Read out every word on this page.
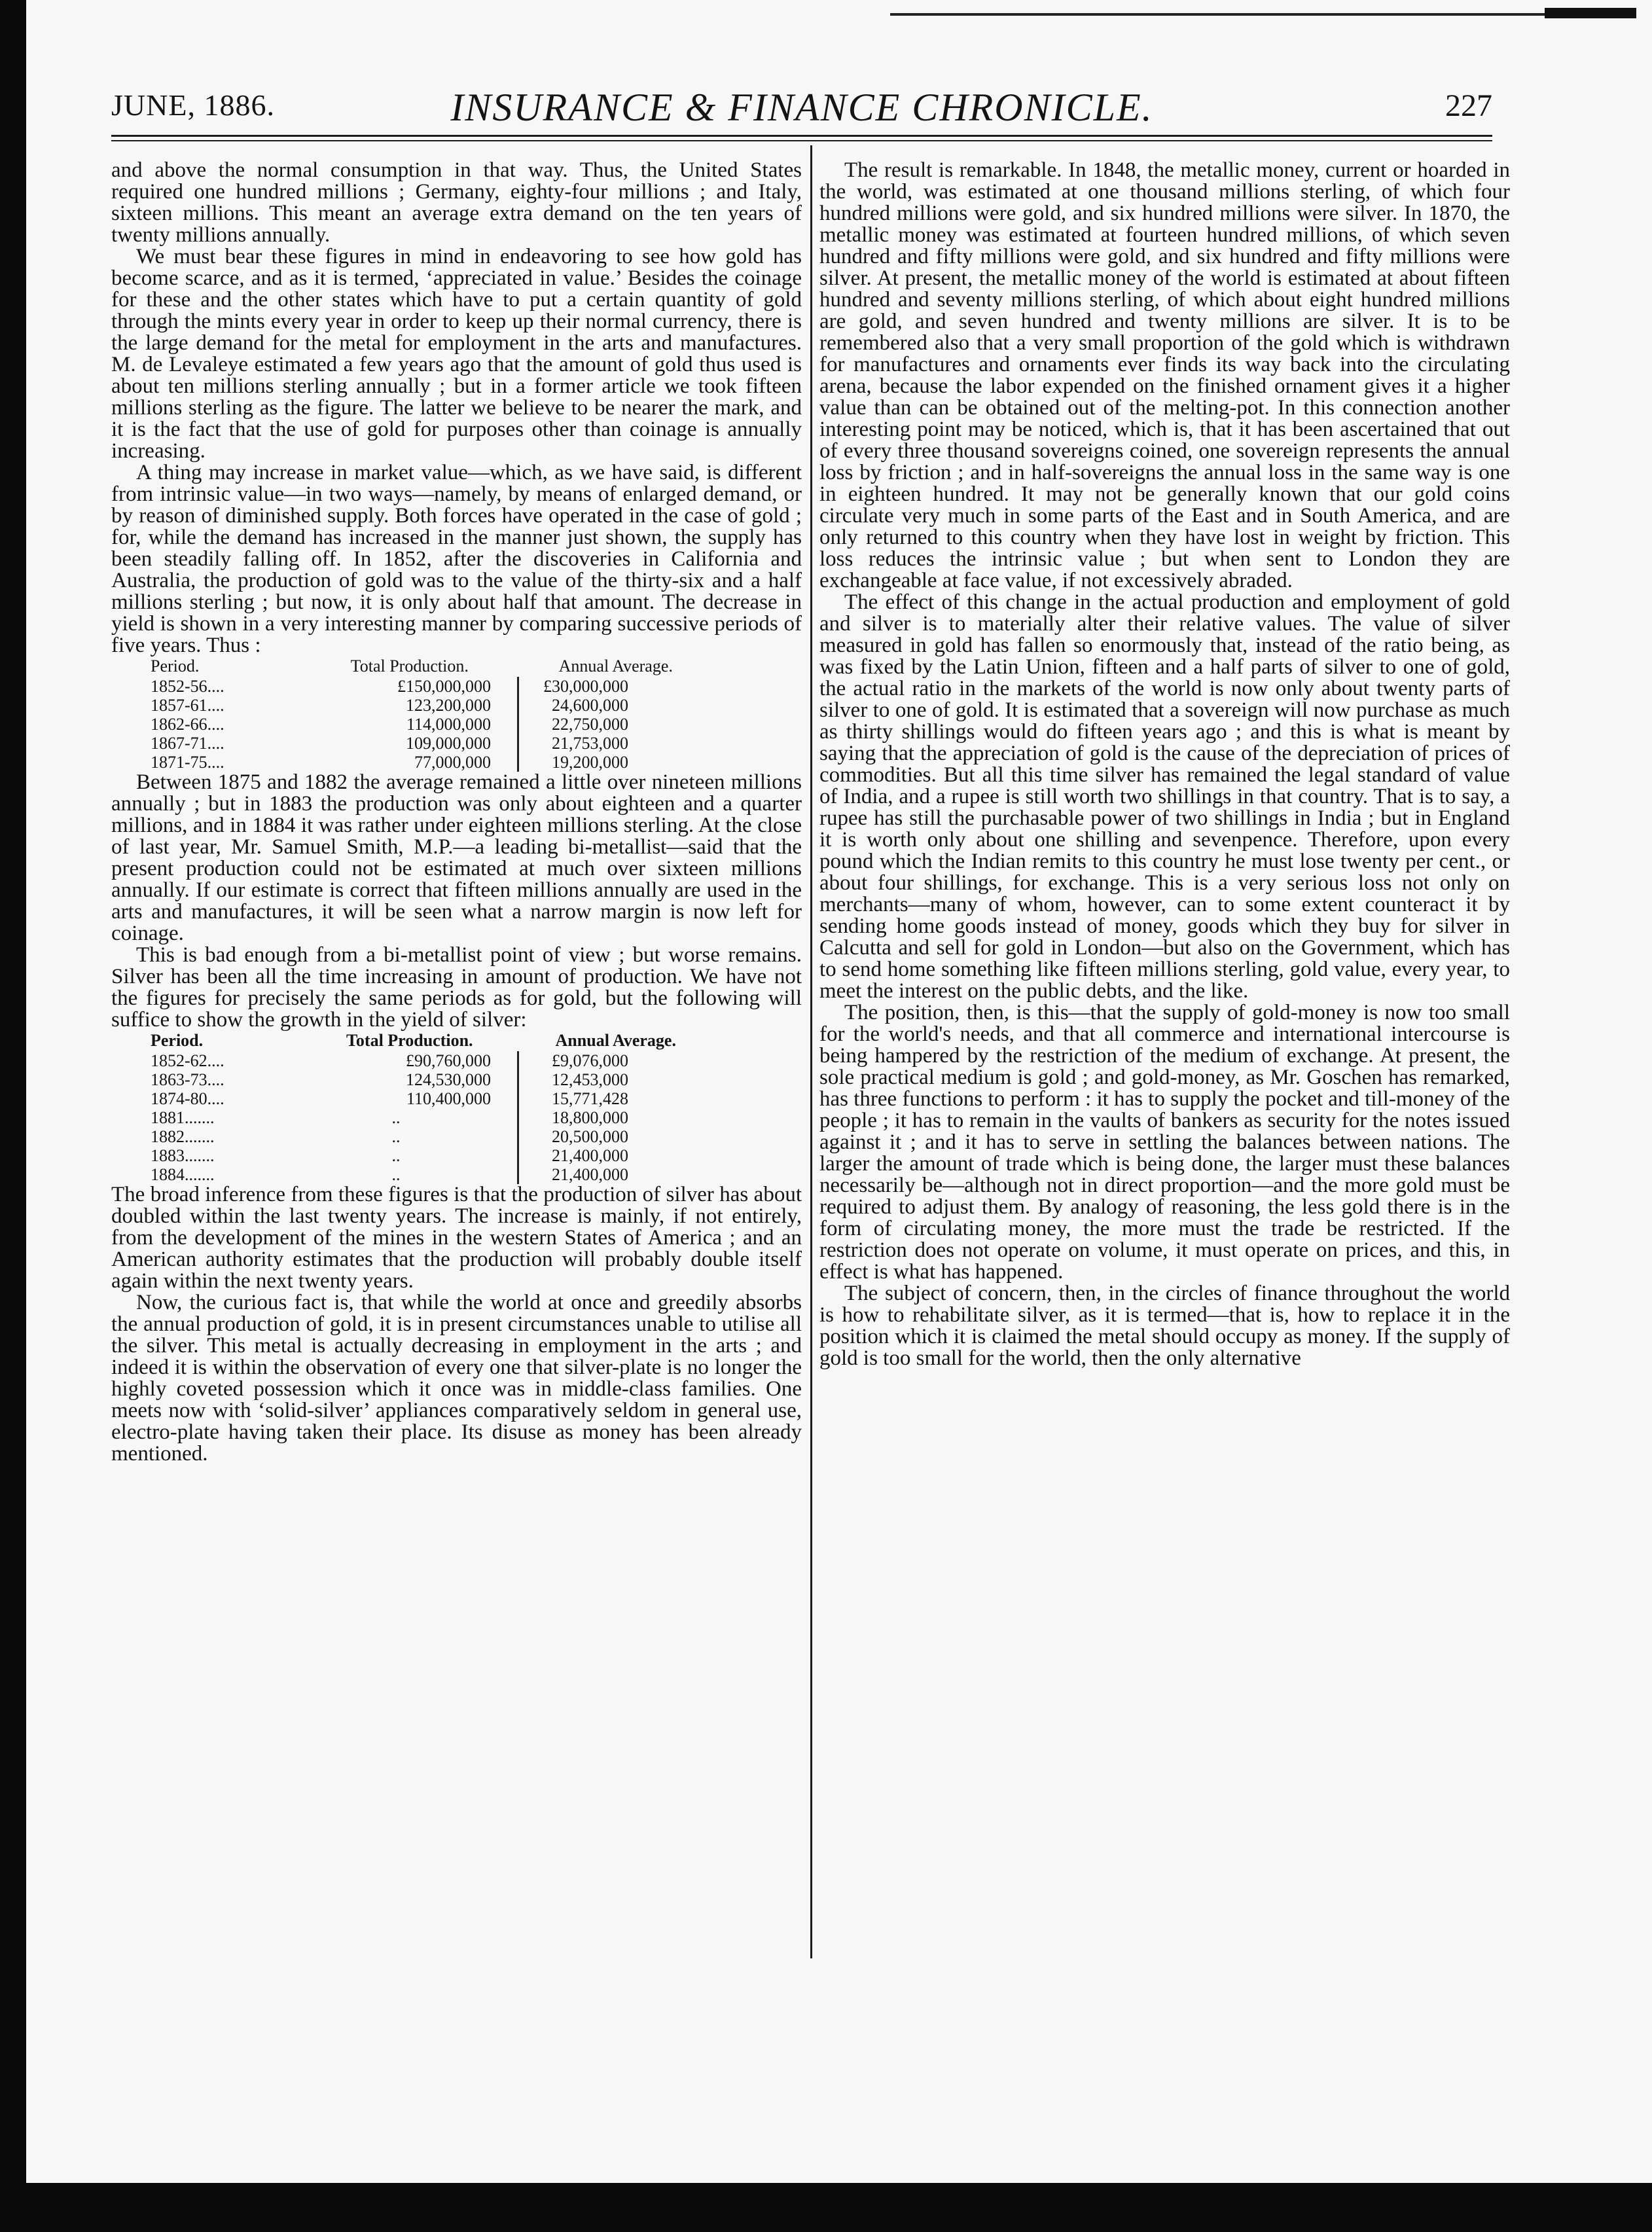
JUNE, 1886.	INSURANCE & FINANCE CHRONICLE.	227

and above the normal consumption in that way. Thus, the United States required one hundred millions ; Germany, eighty-four millions ; and Italy, sixteen millions. This meant an average extra demand on the ten years of twenty millions annually.

We must bear these figures in mind in endeavoring to see how gold has become scarce, and as it is termed, ‘appreciated in value.’ Besides the coinage for these and the other states which have to put a certain quantity of gold through the mints every year in order to keep up their normal currency, there is the large demand for the metal for employment in the arts and manufactures. M. de Levaleye estimated a few years ago that the amount of gold thus used is about ten millions sterling annually ; but in a former article we took fifteen millions sterling as the figure. The latter we believe to be nearer the mark, and it is the fact that the use of gold for purposes other than coinage is annually increasing.

A thing may increase in market value—which, as we have said, is different from intrinsic value—in two ways—namely, by means of enlarged demand, or by reason of diminished supply. Both forces have operated in the case of gold ; for, while the demand has increased in the manner just shown, the supply has been steadily falling off. In 1852, after the discoveries in California and Australia, the production of gold was to the value of the thirty-six and a half millions sterling ; but now, it is only about half that amount. The decrease in yield is shown in a very interesting manner by comparing successive periods of five years. Thus :

Period.	Total Production.	Annual Average.
1852-56....	£150,000,000	£30,000,000
1857-61....	123,200,000	24,600,000
1862-66....	114,000,000	22,750,000
1867-71....	109,000,000	21,753,000
1871-75....	77,000,000	19,200,000

Between 1875 and 1882 the average remained a little over nineteen millions annually ; but in 1883 the production was only about eighteen and a quarter millions, and in 1884 it was rather under eighteen millions sterling. At the close of last year, Mr. Samuel Smith, M.P.—a leading bi-metallist—said that the present production could not be estimated at much over sixteen millions annually. If our estimate is correct that fifteen millions annually are used in the arts and manufactures, it will be seen what a narrow margin is now left for coinage.

This is bad enough from a bi-metallist point of view ; but worse remains. Silver has been all the time increasing in amount of production. We have not the figures for precisely the same periods as for gold, but the following will suffice to show the growth in the yield of silver:

Period.	Total Production.	Annual Average.
1852-62....	£90,760,000	£9,076,000
1863-73....	124,530,000	12,453,000
1874-80....	110,400,000	15,771,428
1881.......	..	18,800,000
1882.......	..	20,500,000
1883.......	..	21,400,000
1884.......	..	21,400,000

The broad inference from these figures is that the production of silver has about doubled within the last twenty years. The increase is mainly, if not entirely, from the development of the mines in the western States of America ; and an American authority estimates that the production will probably double itself again within the next twenty years.

Now, the curious fact is, that while the world at once and greedily absorbs the annual production of gold, it is in present circumstances unable to utilise all the silver. This metal is actually decreasing in employment in the arts ; and indeed it is within the observation of every one that silver-plate is no longer the highly coveted possession which it once was in middle-class families. One meets now with ‘solid-silver’ appliances comparatively seldom in general use, electro-plate having taken their place. Its disuse as money has been already mentioned.

The result is remarkable. In 1848, the metallic money, current or hoarded in the world, was estimated at one thousand millions sterling, of which four hundred millions were gold, and six hundred millions were silver. In 1870, the metallic money was estimated at fourteen hundred millions, of which seven hundred and fifty millions were gold, and six hundred and fifty millions were silver. At present, the metallic money of the world is estimated at about fifteen hundred and seventy millions sterling, of which about eight hundred millions are gold, and seven hundred and twenty millions are silver. It is to be remembered also that a very small proportion of the gold which is withdrawn for manufactures and ornaments ever finds its way back into the circulating arena, because the labor expended on the finished ornament gives it a higher value than can be obtained out of the melting-pot. In this connection another interesting point may be noticed, which is, that it has been ascertained that out of every three thousand sovereigns coined, one sovereign represents the annual loss by friction ; and in half-sovereigns the annual loss in the same way is one in eighteen hundred. It may not be generally known that our gold coins circulate very much in some parts of the East and in South America, and are only returned to this country when they have lost in weight by friction. This loss reduces the intrinsic value ; but when sent to London they are exchangeable at face value, if not excessively abraded.

The effect of this change in the actual production and employment of gold and silver is to materially alter their relative values. The value of silver measured in gold has fallen so enormously that, instead of the ratio being, as was fixed by the Latin Union, fifteen and a half parts of silver to one of gold, the actual ratio in the markets of the world is now only about twenty parts of silver to one of gold. It is estimated that a sovereign will now purchase as much as thirty shillings would do fifteen years ago ; and this is what is meant by saying that the appreciation of gold is the cause of the depreciation of prices of commodities. But all this time silver has remained the legal standard of value of India, and a rupee is still worth two shillings in that country. That is to say, a rupee has still the purchasable power of two shillings in India ; but in England it is worth only about one shilling and sevenpence. Therefore, upon every pound which the Indian remits to this country he must lose twenty per cent., or about four shillings, for exchange. This is a very serious loss not only on merchants—many of whom, however, can to some extent counteract it by sending home goods instead of money, goods which they buy for silver in Calcutta and sell for gold in London—but also on the Government, which has to send home something like fifteen millions sterling, gold value, every year, to meet the interest on the public debts, and the like.

The position, then, is this—that the supply of gold-money is now too small for the world's needs, and that all commerce and international intercourse is being hampered by the restriction of the medium of exchange. At present, the sole practical medium is gold ; and gold-money, as Mr. Goschen has remarked, has three functions to perform : it has to supply the pocket and till-money of the people ; it has to remain in the vaults of bankers as security for the notes issued against it ; and it has to serve in settling the balances between nations. The larger the amount of trade which is being done, the larger must these balances necessarily be—although not in direct proportion—and the more gold must be required to adjust them. By analogy of reasoning, the less gold there is in the form of circulating money, the more must the trade be restricted. If the restriction does not operate on volume, it must operate on prices, and this, in effect is what has happened.

The subject of concern, then, in the circles of finance throughout the world is how to rehabilitate silver, as it is termed—that is, how to replace it in the position which it is claimed the metal should occupy as money. If the supply of gold is too small for the world, then the only alternative
